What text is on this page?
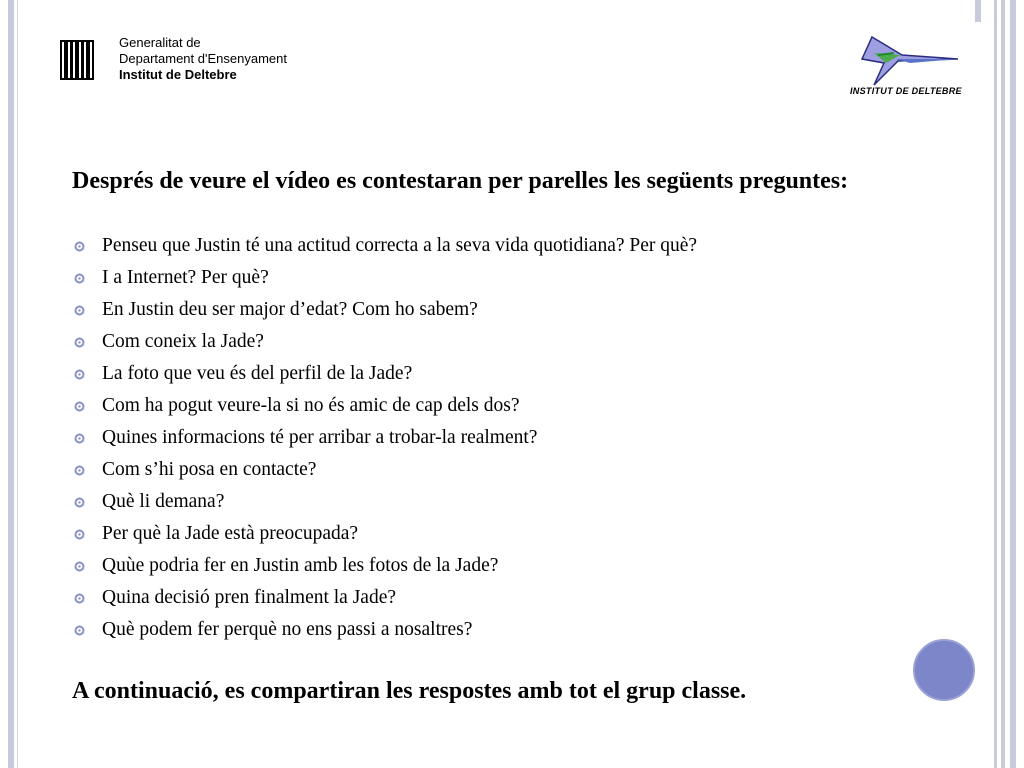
Generalitat de
Departament d'Ensenyament
Institut de Deltebre
INSTITUT DE DELTEBRE
Després de veure el vídeo es contestaran per parelles les següents preguntes:
Penseu que Justin té una actitud correcta a la seva vida quotidiana? Per què?
I a Internet? Per què?
En Justin deu ser major d’edat? Com ho sabem?
Com coneix la Jade?
La foto que veu és del perfil de la Jade?
Com ha pogut veure-la si no és amic de cap dels dos?
Quines informacions té per arribar a trobar-la realment?
Com s’hi posa en contacte?
Què li demana?
Per què la Jade està preocupada?
Quùe podria fer en Justin amb les fotos de la Jade?
Quina decisió pren finalment la Jade?
Què podem fer perquè no ens passi a nosaltres?
A continuació, es compartiran les respostes amb tot el grup classe.
